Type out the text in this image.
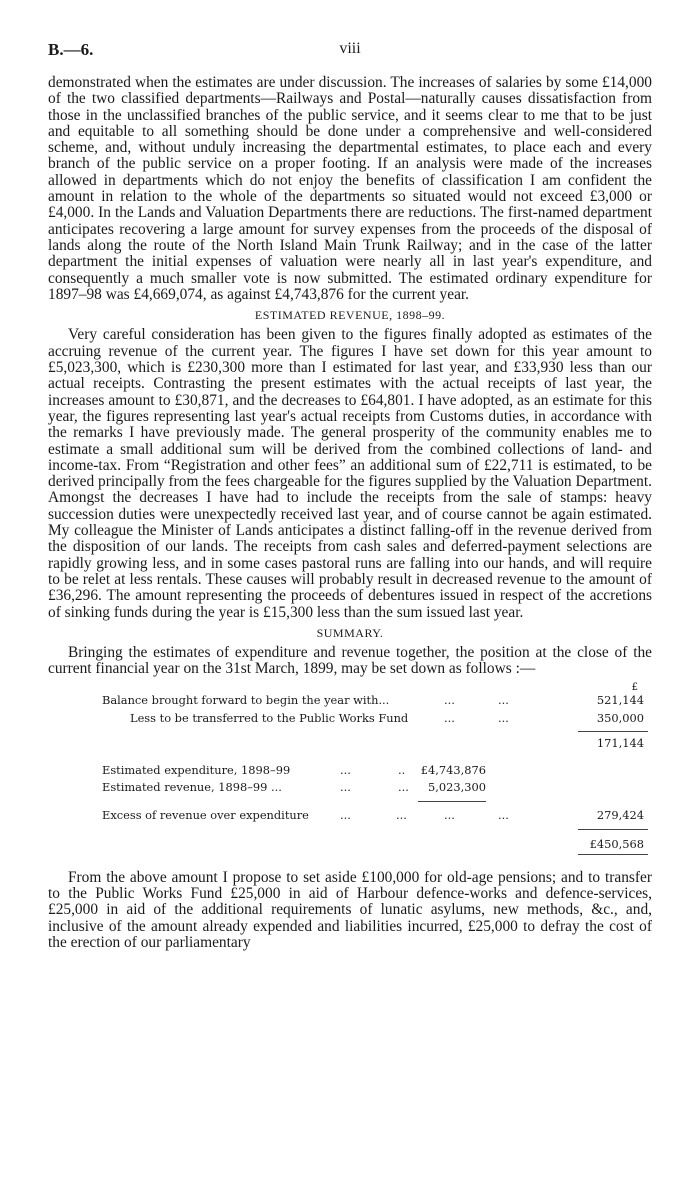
B.—6.	viii

demonstrated when the estimates are under discussion. The increases of salaries by some £14,000 of the two classified departments—Railways and Postal—naturally causes dissatisfaction from those in the unclassified branches of the public service, and it seems clear to me that to be just and equitable to all something should be done under a comprehensive and well-considered scheme, and, without unduly increasing the departmental estimates, to place each and every branch of the public service on a proper footing. If an analysis were made of the increases allowed in departments which do not enjoy the benefits of classification I am confident the amount in relation to the whole of the departments so situated would not exceed £3,000 or £4,000. In the Lands and Valuation Departments there are reductions. The first-named department anticipates recovering a large amount for survey expenses from the proceeds of the disposal of lands along the route of the North Island Main Trunk Railway; and in the case of the latter department the initial expenses of valuation were nearly all in last year's expenditure, and consequently a much smaller vote is now submitted. The estimated ordinary expenditure for 1897–98 was £4,669,074, as against £4,743,876 for the current year.

ESTIMATED REVENUE, 1898–99.

Very careful consideration has been given to the figures finally adopted as estimates of the accruing revenue of the current year. The figures I have set down for this year amount to £5,023,300, which is £230,300 more than I estimated for last year, and £33,930 less than our actual receipts. Contrasting the present estimates with the actual receipts of last year, the increases amount to £30,871, and the decreases to £64,801. I have adopted, as an estimate for this year, the figures representing last year's actual receipts from Customs duties, in accordance with the remarks I have previously made. The general prosperity of the community enables me to estimate a small additional sum will be derived from the combined collections of land- and income-tax. From “Registration and other fees” an additional sum of £22,711 is estimated, to be derived principally from the fees chargeable for the figures supplied by the Valuation Department. Amongst the decreases I have had to include the receipts from the sale of stamps: heavy succession duties were unexpectedly received last year, and of course cannot be again estimated. My colleague the Minister of Lands anticipates a distinct falling-off in the revenue derived from the disposition of our lands. The receipts from cash sales and deferred-payment selections are rapidly growing less, and in some cases pastoral runs are falling into our hands, and will require to be relet at less rentals. These causes will probably result in decreased revenue to the amount of £36,296. The amount representing the proceeds of debentures issued in respect of the accretions of sinking funds during the year is £15,300 less than the sum issued last year.

SUMMARY.

Bringing the estimates of expenditure and revenue together, the position at the close of the current financial year on the 31st March, 1899, may be set down as follows :—

£
Balance brought forward to begin the year with...	...	...	521,144
Less to be transferred to the Public Works Fund	...	...	350,000
171,144
Estimated expenditure, 1898–99	...	.. £4,743,876
Estimated revenue, 1898–99 ...	...	... 5,023,300
Excess of revenue over expenditure	...	...	...	...	279,424
£450,568

From the above amount I propose to set aside £100,000 for old-age pensions; and to transfer to the Public Works Fund £25,000 in aid of Harbour defence-works and defence-services, £25,000 in aid of the additional requirements of lunatic asylums, new methods, &c., and, inclusive of the amount already expended and liabilities incurred, £25,000 to defray the cost of the erection of our parliamentary
